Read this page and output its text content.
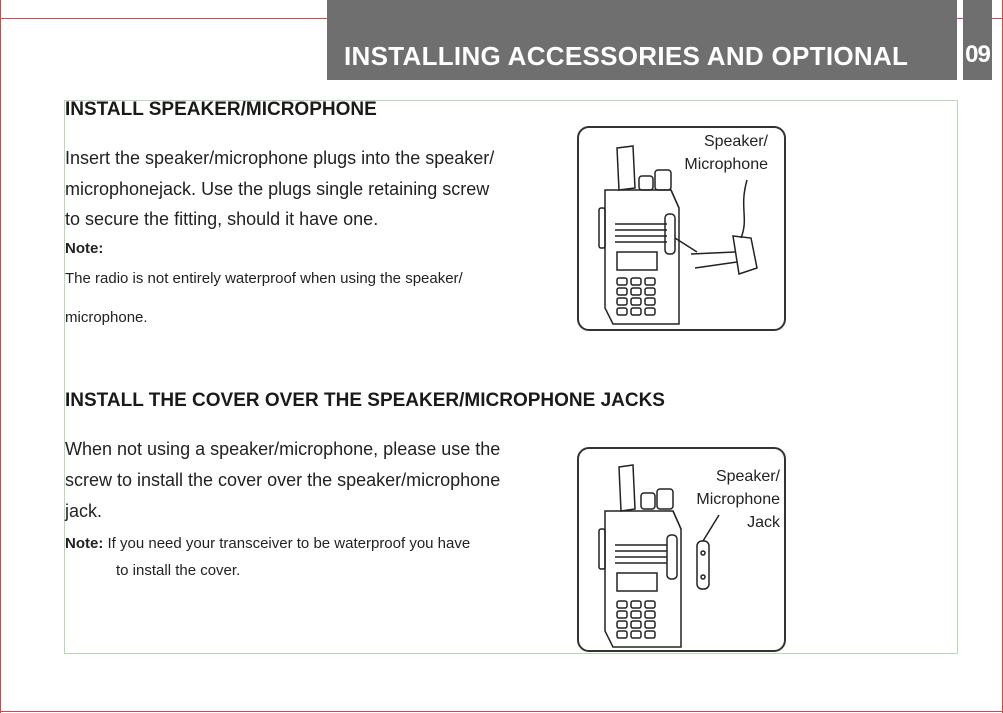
INSTALLING ACCESSORIES AND OPTIONAL 09
INSTALL SPEAKER/MICROPHONE
Insert the speaker/microphone plugs into the speaker/
microphonejack. Use the plugs single retaining screw
to secure the fitting, should it have one.
Note:
The radio is not entirely waterproof when using the speaker/
microphone.
Speaker/
Microphone
INSTALL THE COVER OVER THE SPEAKER/MICROPHONE JACKS
When not using a speaker/microphone, please use the
screw to install the cover over the speaker/microphone
jack.
Note: If you need your transceiver to be waterproof you have
to install the cover.
Speaker/
Microphone
Jack
